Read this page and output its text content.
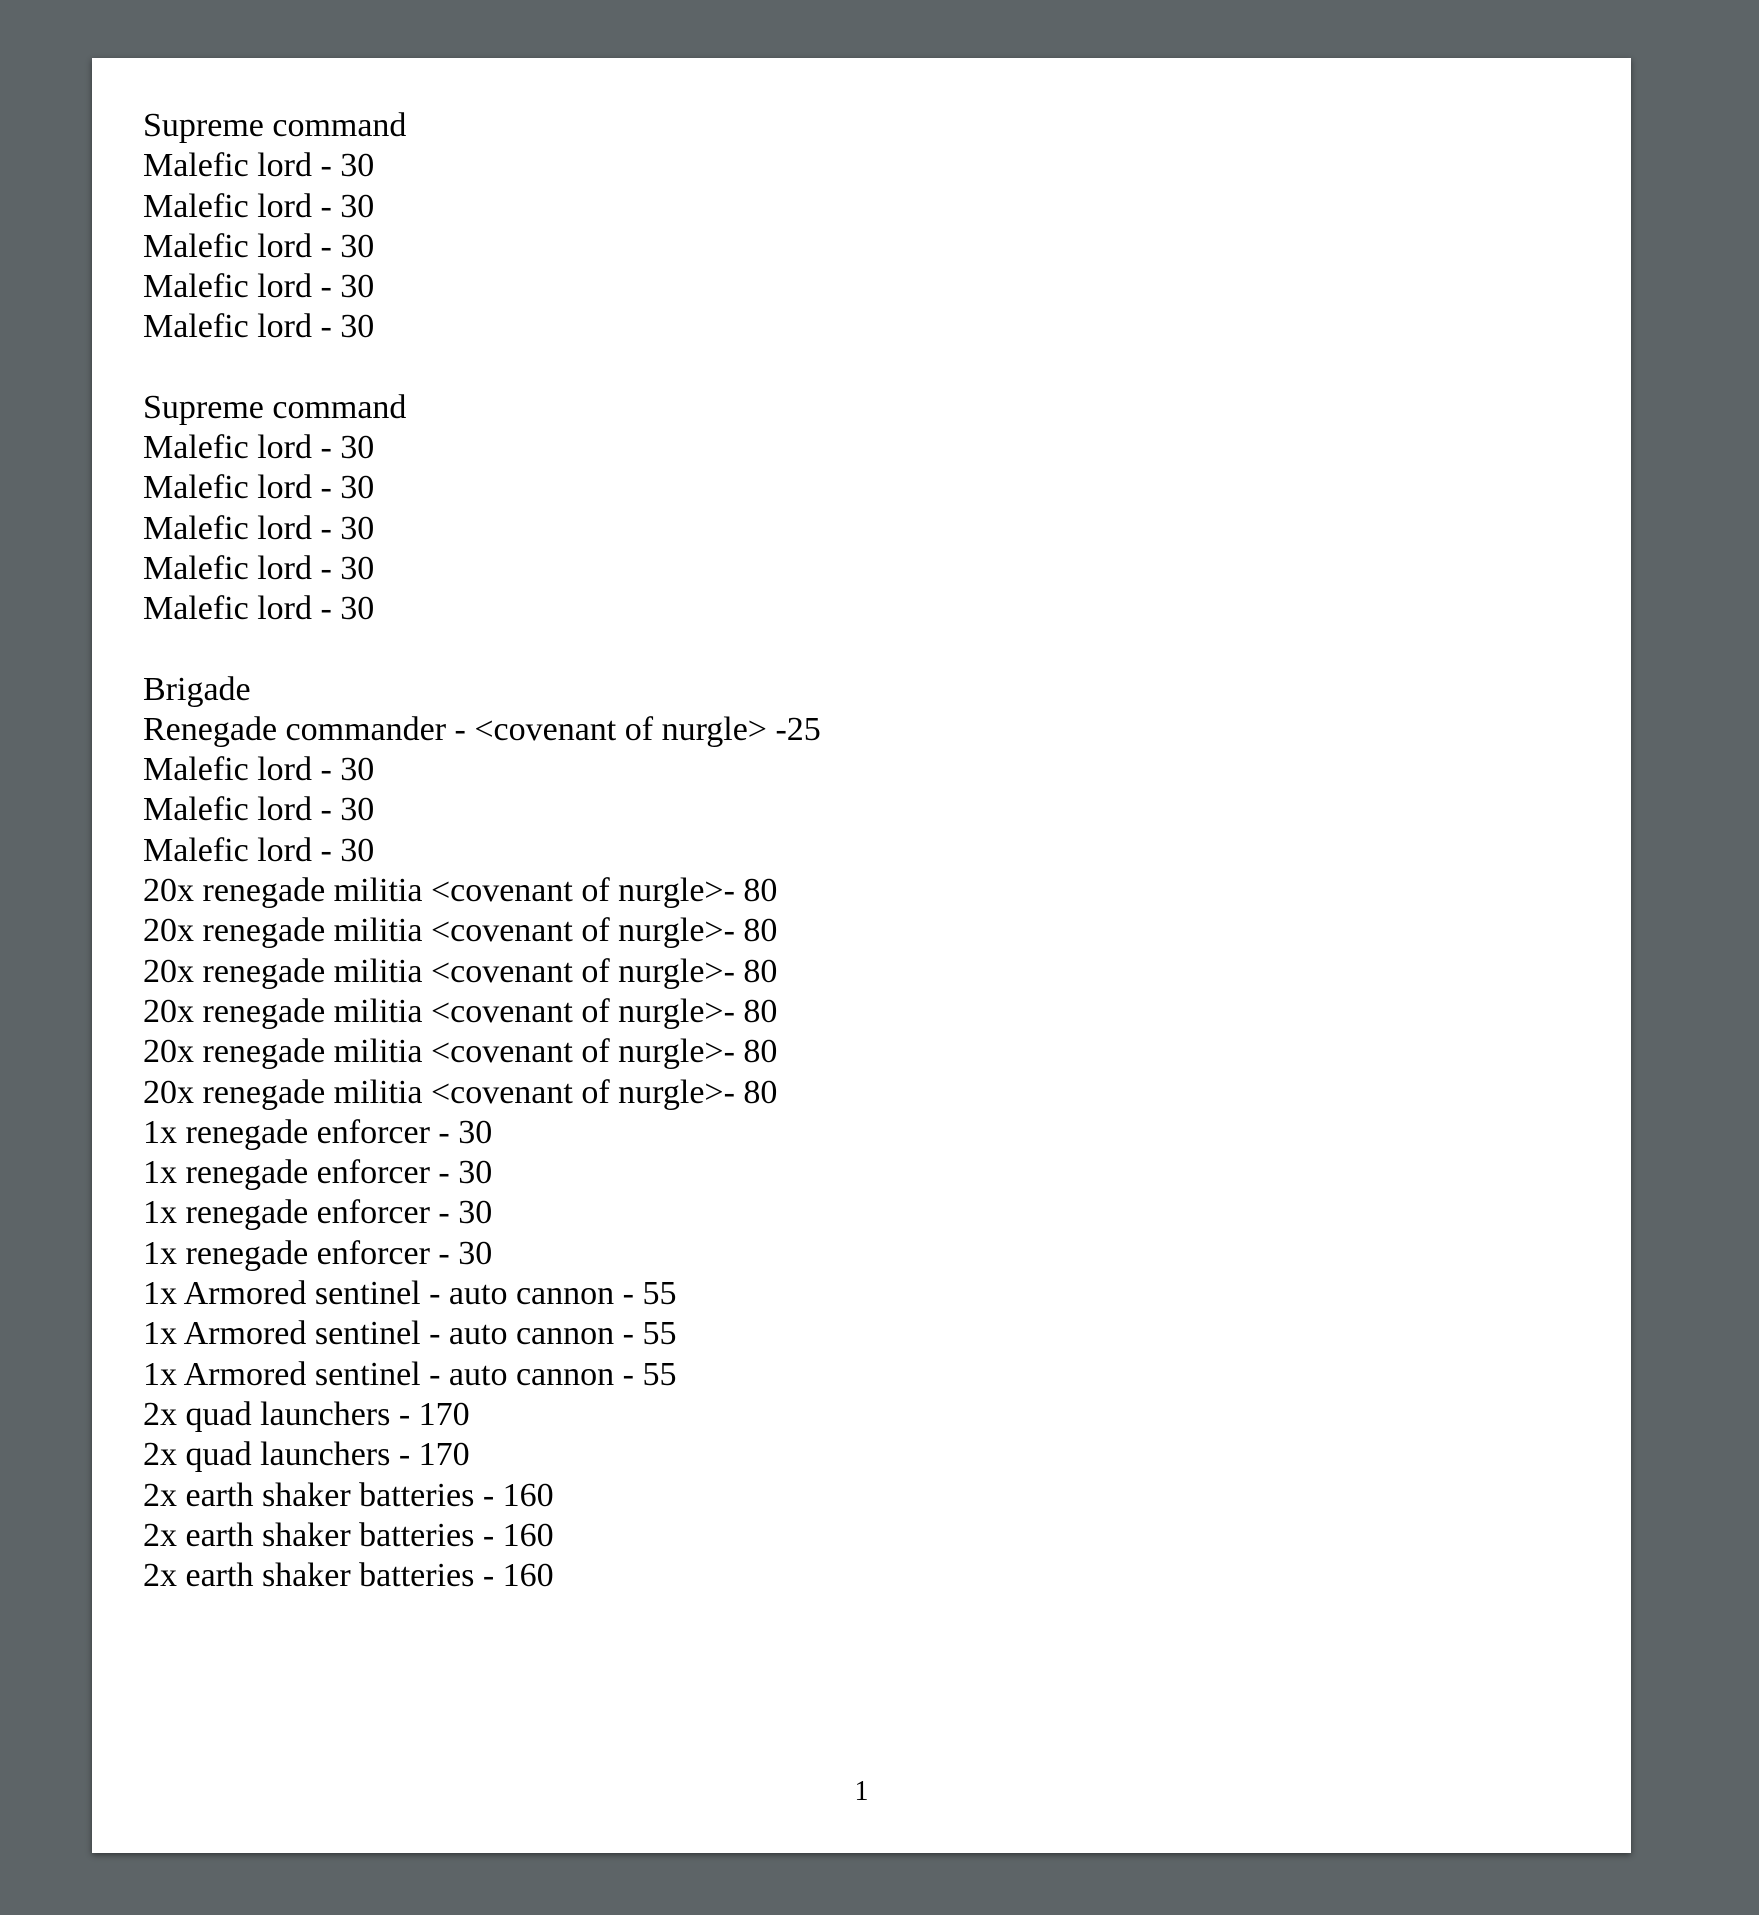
Supreme command
Malefic lord - 30
Malefic lord - 30
Malefic lord - 30
Malefic lord - 30
Malefic lord - 30
Supreme command
Malefic lord - 30
Malefic lord - 30
Malefic lord - 30
Malefic lord - 30
Malefic lord - 30
Brigade
Renegade commander - <covenant of nurgle> -25
Malefic lord - 30
Malefic lord - 30
Malefic lord - 30
20x renegade militia <covenant of nurgle>- 80
20x renegade militia <covenant of nurgle>- 80
20x renegade militia <covenant of nurgle>- 80
20x renegade militia <covenant of nurgle>- 80
20x renegade militia <covenant of nurgle>- 80
20x renegade militia <covenant of nurgle>- 80
1x renegade enforcer - 30
1x renegade enforcer - 30
1x renegade enforcer - 30
1x renegade enforcer - 30
1x Armored sentinel - auto cannon - 55
1x Armored sentinel - auto cannon - 55
1x Armored sentinel - auto cannon - 55
2x quad launchers - 170
2x quad launchers - 170
2x earth shaker batteries - 160
2x earth shaker batteries - 160
2x earth shaker batteries - 160
1
